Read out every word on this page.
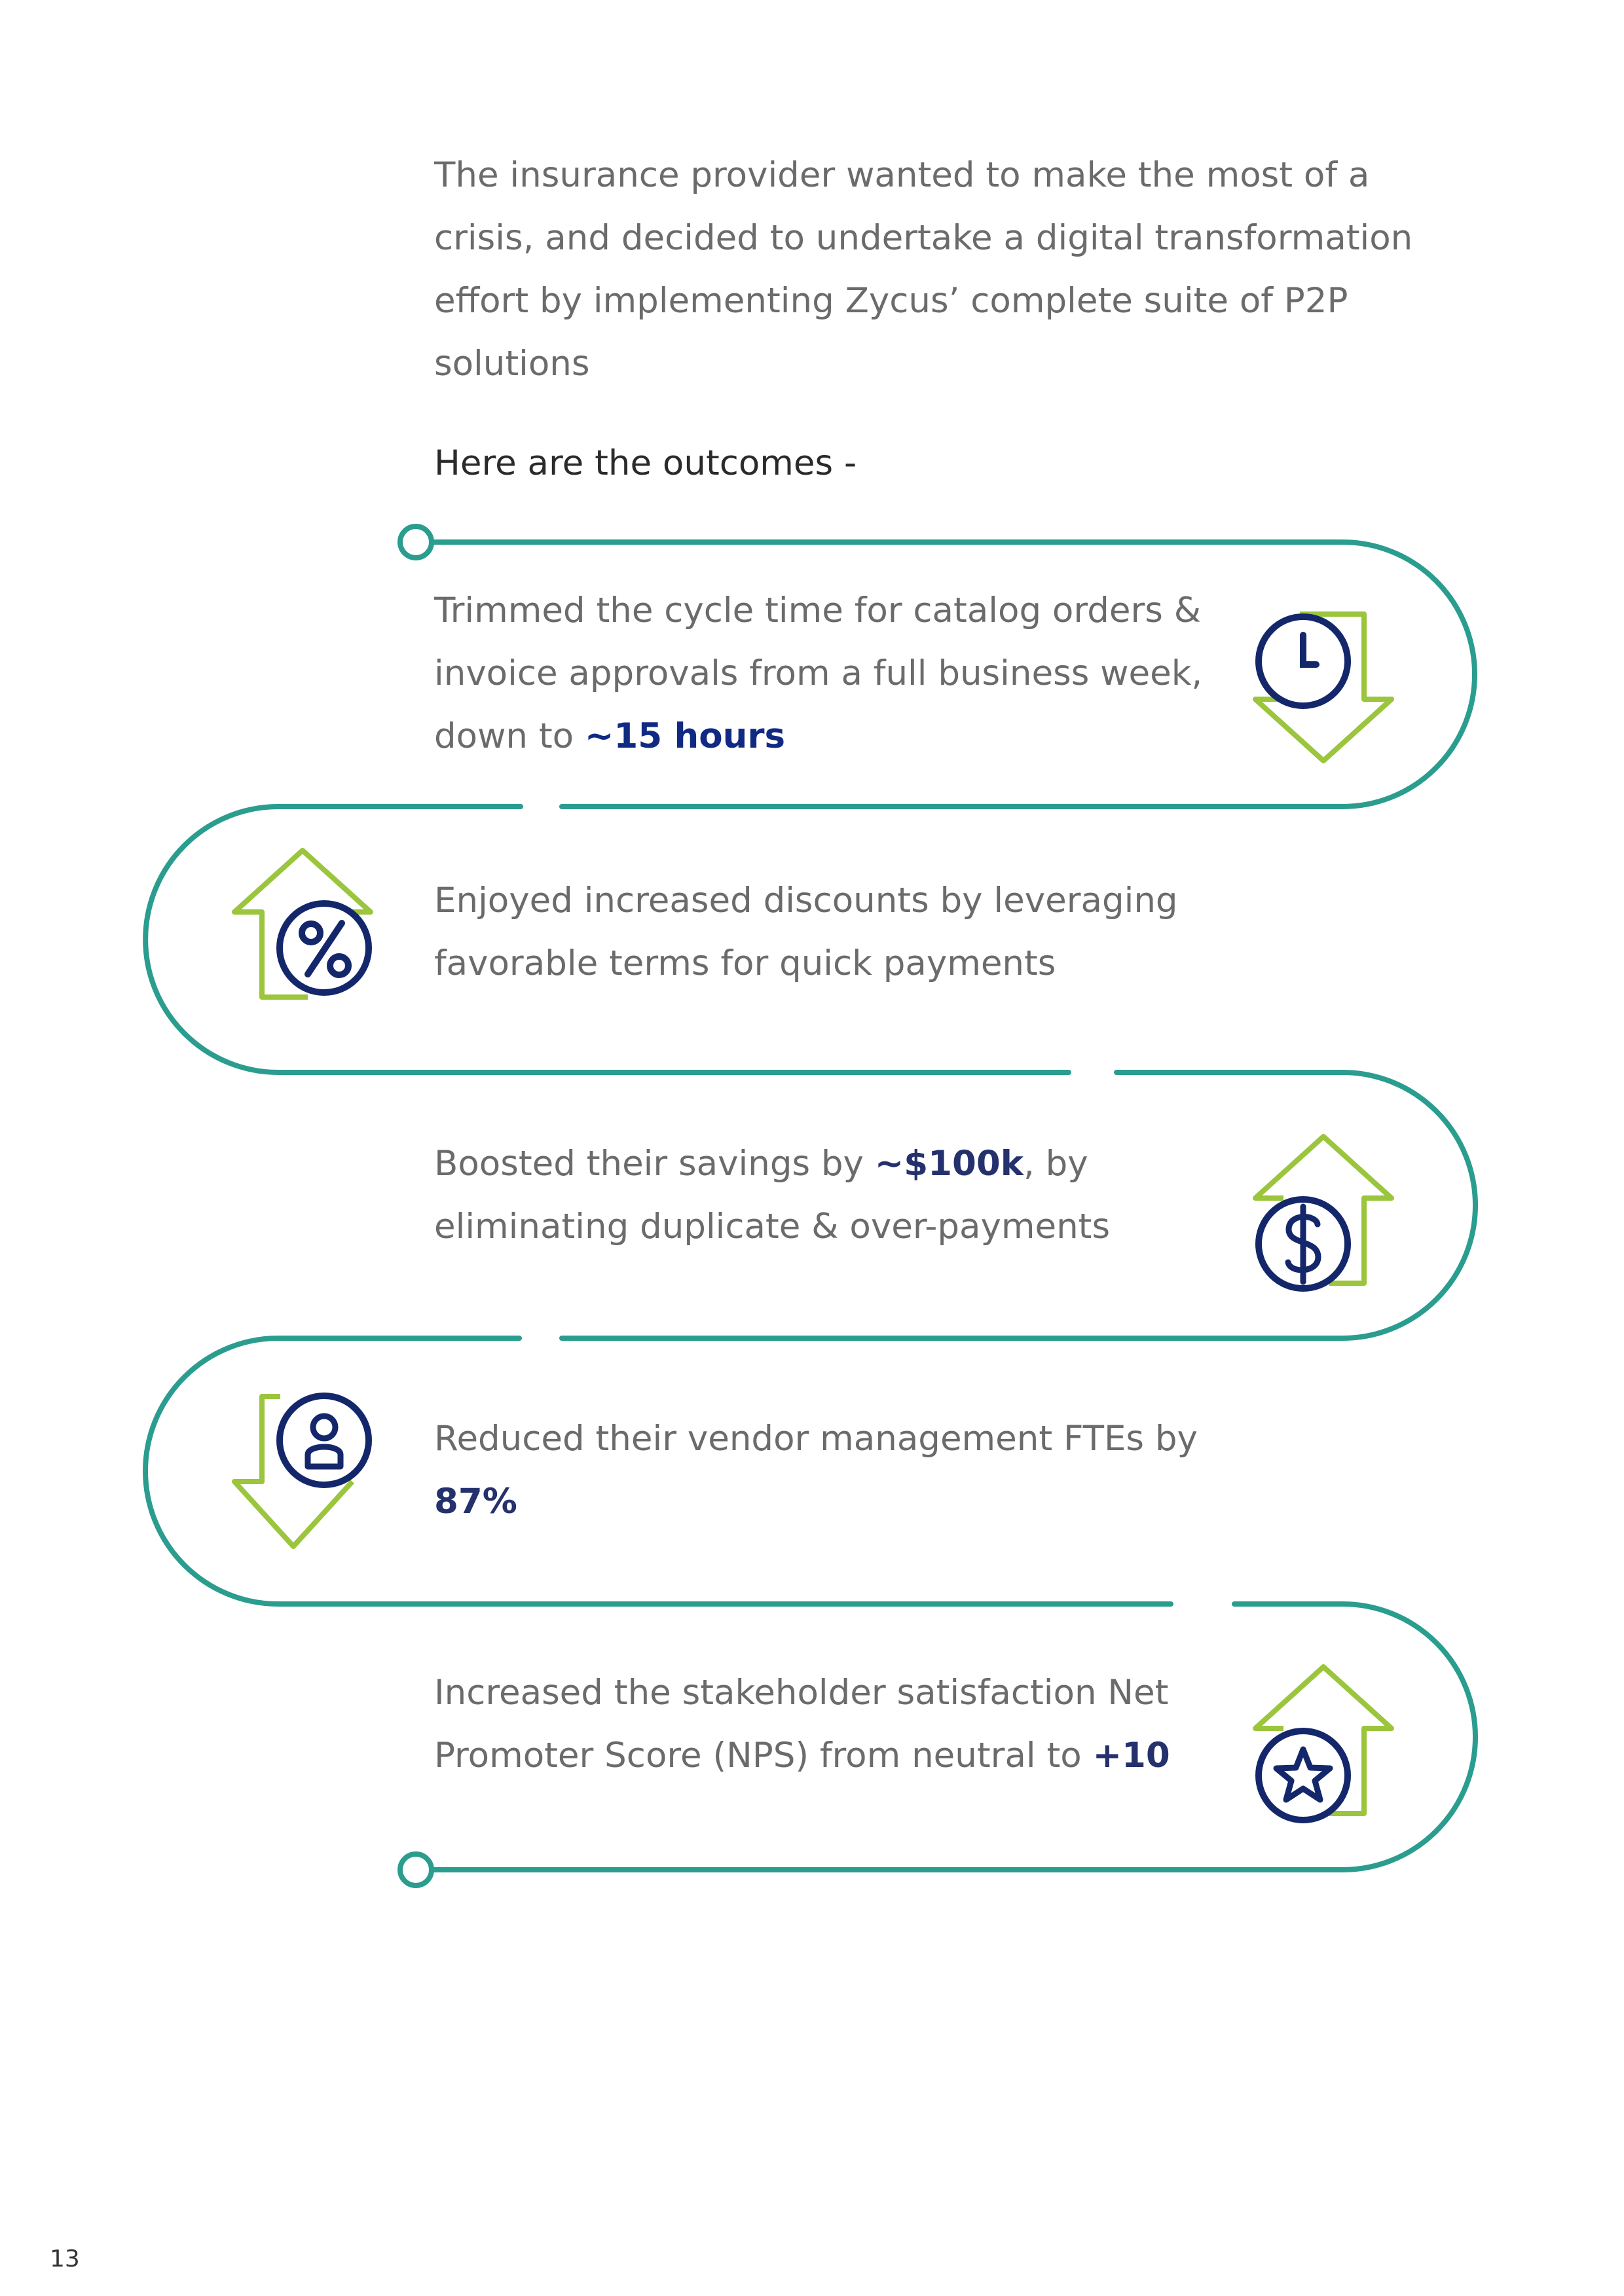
The insurance provider wanted to make the most of a crisis, and decided to undertake a digital transformation effort by implementing Zycus’ complete suite of P2P solutions

Here are the outcomes -

Trimmed the cycle time for catalog orders & invoice approvals from a full business week, down to ~15 hours

Enjoyed increased discounts by leveraging favorable terms for quick payments

Boosted their savings by ~$100k, by eliminating duplicate & over-payments

Reduced their vendor management FTEs by 87%

Increased the stakeholder satisfaction Net Promoter Score (NPS) from neutral to +10

13
